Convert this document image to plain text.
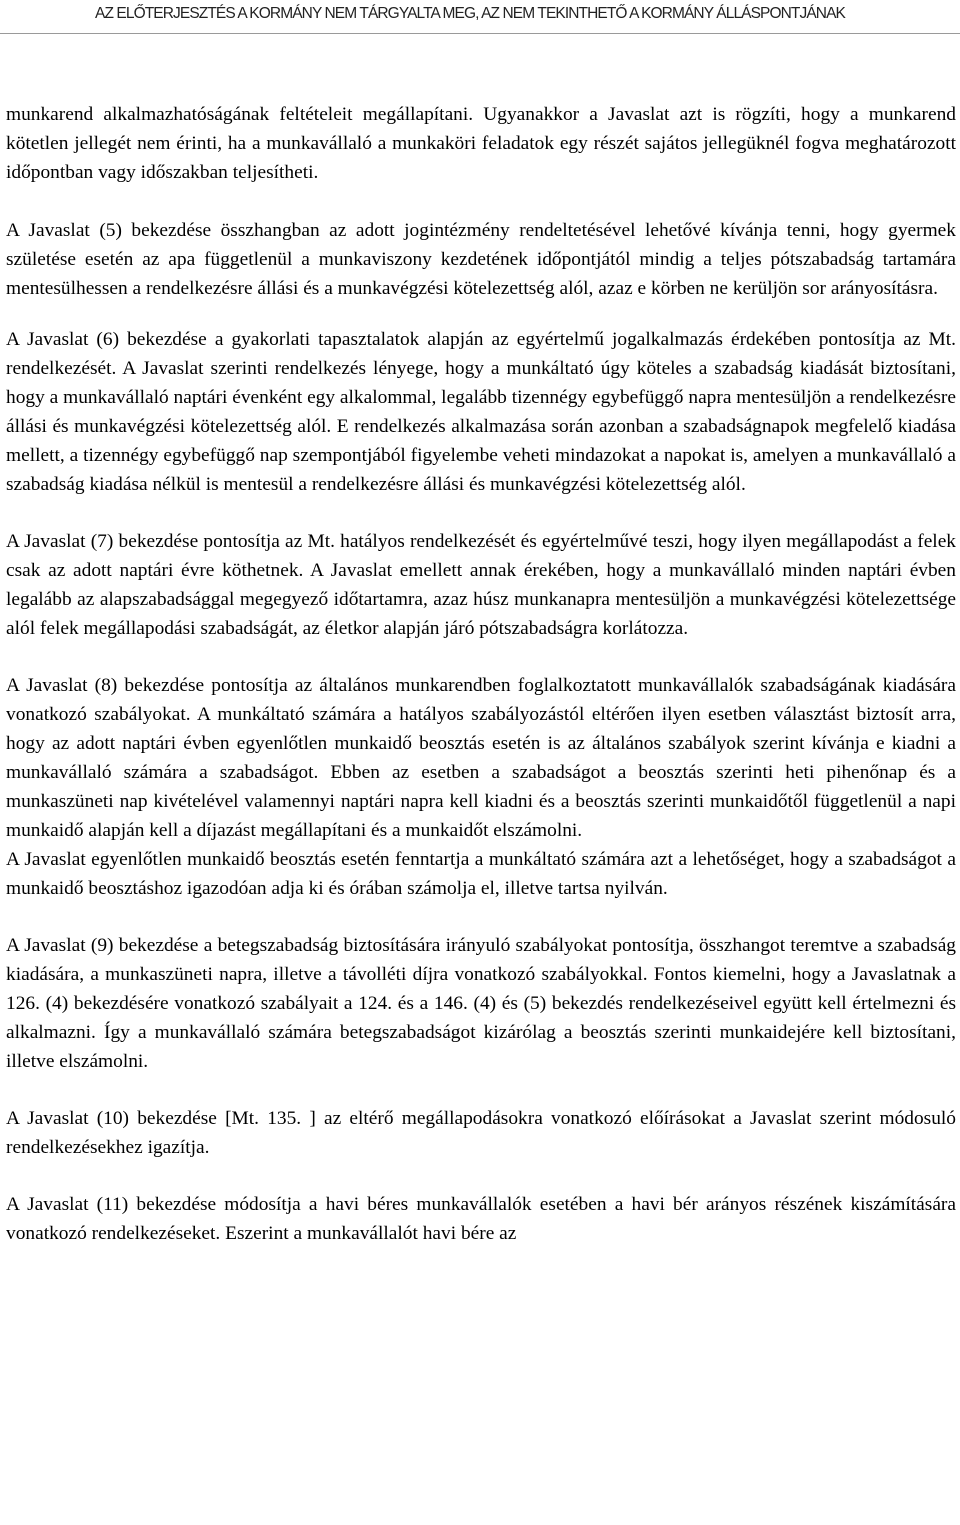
AZ ELŐTERJESZTÉS A KORMÁNY NEM TÁRGYALTA MEG, AZ NEM TEKINTHETŐ A KORMÁNY ÁLLÁSPONTJÁNAK

munkarend alkalmazhatóságának feltételeit megállapítani. Ugyanakkor a Javaslat azt is rögzíti, hogy a munkarend kötetlen jellegét nem érinti, ha a munkavállaló a munkaköri feladatok egy részét sajátos jellegüknél fogva meghatározott időpontban vagy időszakban teljesítheti.

A Javaslat (5) bekezdése összhangban az adott jogintézmény rendeltetésével lehetővé kívánja tenni, hogy gyermek születése esetén az apa függetlenül a munkaviszony kezdetének időpontjától mindig a teljes pótszabadság tartamára mentesülhessen a rendelkezésre állási és a munkavégzési kötelezettség alól, azaz e körben ne kerüljön sor arányosításra.

A Javaslat (6) bekezdése a gyakorlati tapasztalatok alapján az egyértelmű jogalkalmazás érdekében pontosítja az Mt. rendelkezését. A Javaslat szerinti rendelkezés lényege, hogy a munkáltató úgy köteles a szabadság kiadását biztosítani, hogy a munkavállaló naptári évenként egy alkalommal, legalább tizennégy egybefüggő napra mentesüljön a rendelkezésre állási és munkavégzési kötelezettség alól. E rendelkezés alkalmazása során azonban a szabadságnapok megfelelő kiadása mellett, a tizennégy egybefüggő nap szempontjából figyelembe veheti mindazokat a napokat is, amelyen a munkavállaló a szabadság kiadása nélkül is mentesül a rendelkezésre állási és munkavégzési kötelezettség alól.

A Javaslat (7) bekezdése pontosítja az Mt. hatályos rendelkezését és egyértelművé teszi, hogy ilyen megállapodást a felek csak az adott naptári évre köthetnek. A Javaslat emellett annak érekében, hogy a munkavállaló minden naptári évben legalább az alapszabadsággal megegyező időtartamra, azaz húsz munkanapra mentesüljön a munkavégzési kötelezettsége alól felek megállapodási szabadságát, az életkor alapján járó pótszabadságra korlátozza.

A Javaslat (8) bekezdése pontosítja az általános munkarendben foglalkoztatott munkavállalók szabadságának kiadására vonatkozó szabályokat. A munkáltató számára a hatályos szabályozástól eltérően ilyen esetben választást biztosít arra, hogy az adott naptári évben egyenlőtlen munkaidő beosztás esetén is az általános szabályok szerint kívánja e kiadni a munkavállaló számára a szabadságot. Ebben az esetben a szabadságot a beosztás szerinti heti pihenőnap és a munkaszüneti nap kivételével valamennyi naptári napra kell kiadni és a beosztás szerinti munkaidőtől függetlenül a napi munkaidő alapján kell a díjazást megállapítani és a munkaidőt elszámolni.

A Javaslat egyenlőtlen munkaidő beosztás esetén fenntartja a munkáltató számára azt a lehetőséget, hogy a szabadságot a munkaidő beosztáshoz igazodóan adja ki és órában számolja el, illetve tartsa nyilván.

A Javaslat (9) bekezdése a betegszabadság biztosítására irányuló szabályokat pontosítja, összhangot teremtve a szabadság kiadására, a munkaszüneti napra, illetve a távolléti díjra vonatkozó szabályokkal. Fontos kiemelni, hogy a Javaslatnak a 126. (4) bekezdésére vonatkozó szabályait a 124. és a 146. (4) és (5) bekezdés rendelkezéseivel együtt kell értelmezni és alkalmazni. Így a munkavállaló számára betegszabadságot kizárólag a beosztás szerinti munkaidejére kell biztosítani, illetve elszámolni.

A Javaslat (10) bekezdése [Mt. 135. ] az eltérő megállapodásokra vonatkozó előírásokat a Javaslat szerint módosuló rendelkezésekhez igazítja.

A Javaslat (11) bekezdése módosítja a havi béres munkavállalók esetében a havi bér arányos részének kiszámítására vonatkozó rendelkezéseket. Eszerint a munkavállalót havi bére az
